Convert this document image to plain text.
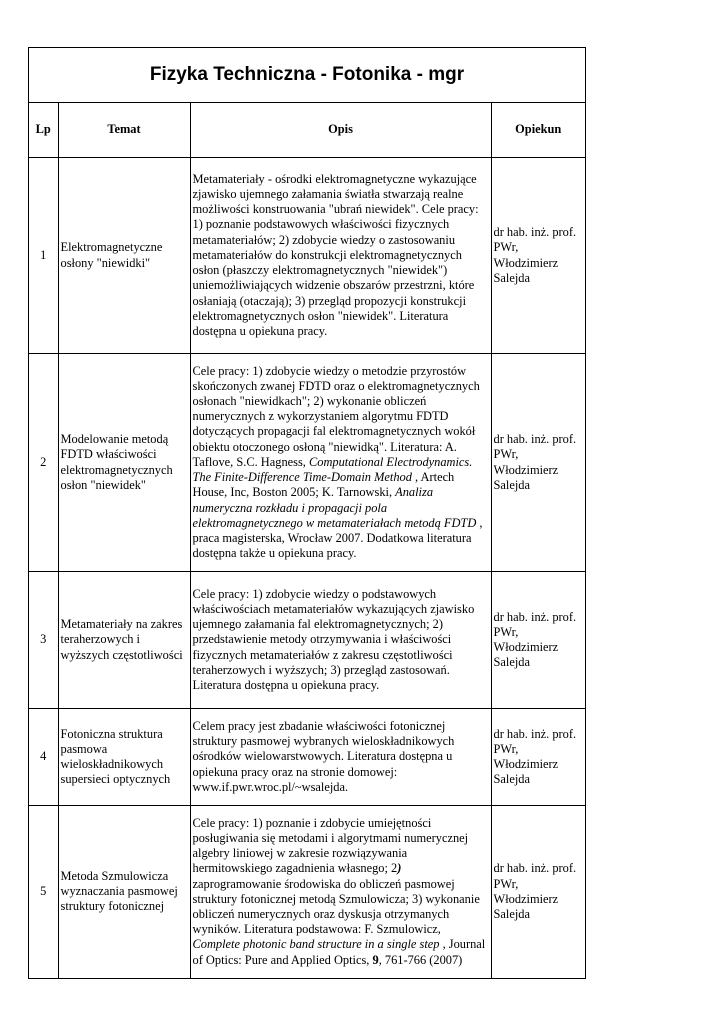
Fizyka Techniczna - Fotonika - mgr
Lp	Temat	Opis	Opiekun
1	Elektromagnetyczne osłony "niewidki"	Metamateriały - ośrodki elektromagnetyczne wykazujące zjawisko ujemnego załamania światła stwarzają realne możliwości konstruowania "ubrań niewidek". Cele pracy: 1) poznanie podstawowych właściwości fizycznych metamateriałów; 2) zdobycie wiedzy o zastosowaniu metamateriałów do konstrukcji elektromagnetycznych osłon (płaszczy elektromagnetycznych "niewidek") uniemożliwiających widzenie obszarów przestrzni, które osłaniają (otaczają); 3) przegląd propozycji konstrukcji elektromagnetycznych osłon "niewidek". Literatura dostępna u opiekuna pracy.	dr hab. inż. prof. PWr, Włodzimierz Salejda
2	Modelowanie metodą FDTD właściwości elektromagnetycznych osłon "niewidek"	Cele pracy: 1) zdobycie wiedzy o metodzie przyrostów skończonych zwanej FDTD oraz o elektromagnetycznych osłonach "niewidkach"; 2) wykonanie obliczeń numerycznych z wykorzystaniem algorytmu FDTD dotyczących propagacji fal elektromagnetycznych wokół obiektu otoczonego osłoną "niewidką". Literatura: A. Taflove, S.C. Hagness, Computational Electrodynamics. The Finite-Difference Time-Domain Method , Artech House, Inc, Boston 2005; K. Tarnowski, Analiza numeryczna rozkładu i propagacji pola elektromagnetycznego w metamateriałach metodą FDTD , praca magisterska, Wrocław 2007. Dodatkowa literatura dostępna także u opiekuna pracy.	dr hab. inż. prof. PWr, Włodzimierz Salejda
3	Metamateriały na zakres teraherzowych i wyższych częstotliwości	Cele pracy: 1) zdobycie wiedzy o podstawowych właściwościach metamateriałów wykazujących zjawisko ujemnego załamania fal elektromagnetycznych; 2) przedstawienie metody otrzymywania i właściwości fizycznych metamateriałów z zakresu częstotliwości teraherzowych i wyższych; 3) przegląd zastosowań. Literatura dostępna u opiekuna pracy.	dr hab. inż. prof. PWr, Włodzimierz Salejda
4	Fotoniczna struktura pasmowa wieloskładnikowych supersieci optycznych	Celem pracy jest zbadanie właściwości fotonicznej struktury pasmowej wybranych wieloskładnikowych ośrodków wielowarstwowych. Literatura dostępna u opiekuna pracy oraz na stronie domowej: www.if.pwr.wroc.pl/~wsalejda.	dr hab. inż. prof. PWr, Włodzimierz Salejda
5	Metoda Szmulowicza wyznaczania pasmowej struktury fotonicznej	Cele pracy: 1) poznanie i zdobycie umiejętności posługiwania się metodami i algorytmami numerycznej algebry liniowej w zakresie rozwiązywania hermitowskiego zagadnienia własnego; 2) zaprogramowanie środowiska do obliczeń pasmowej struktury fotonicznej metodą Szmulowicza; 3) wykonanie obliczeń numerycznych oraz dyskusja otrzymanych wyników. Literatura podstawowa: F. Szmulowicz, Complete photonic band structure in a single step , Journal of Optics: Pure and Applied Optics, 9, 761-766 (2007)	dr hab. inż. prof. PWr, Włodzimierz Salejda
